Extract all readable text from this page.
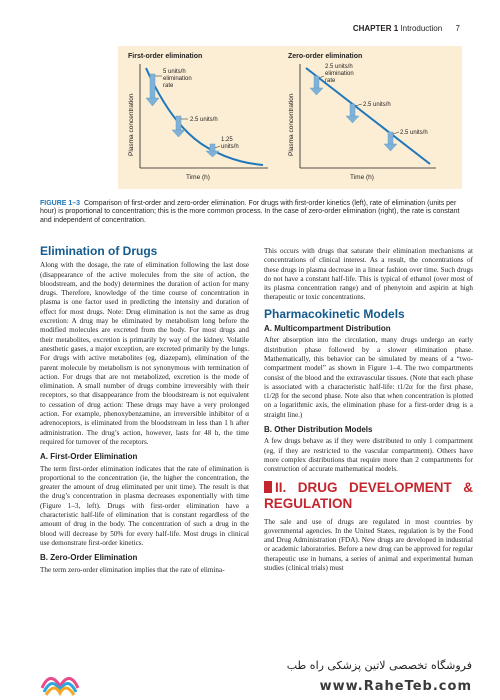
CHAPTER 1 Introduction 7
First-order elimination
Plasma concentration
Time (h)
5 units/h elimination rate
2.5 units/h
1.25 units/h
Zero-order elimination
Plasma concentration
Time (h)
2.5 units/h elimination rate
2.5 units/h
2.5 units/h
FIGURE 1–3 Comparison of first-order and zero-order elimination. For drugs with first-order kinetics (left), rate of elimination (units per hour) is proportional to concentration; this is the more common process. In the case of zero-order elimination (right), the rate is constant and independent of concentration.
Elimination of Drugs

Along with the dosage, the rate of elimination following the last dose (disappearance of the active molecules from the site of action, the bloodstream, and the body) determines the duration of action for many drugs. Therefore, knowledge of the time course of concentration in plasma is one factor used in predicting the intensity and duration of effect for most drugs. Note: Drug elimination is not the same as drug excretion: A drug may be eliminated by metabolism long before the modified molecules are excreted from the body. For most drugs and their metabolites, excretion is primarily by way of the kidney. Volatile anesthetic gases, a major exception, are excreted primarily by the lungs. For drugs with active metabolites (eg, diazepam), elimination of the parent molecule by metabolism is not synonymous with termination of action. For drugs that are not metabolized, excretion is the mode of elimination. A small number of drugs combine irreversibly with their receptors, so that disappearance from the bloodstream is not equivalent to cessation of drug action: These drugs may have a very prolonged action. For example, phenoxybenzamine, an irreversible inhibitor of α adrenoceptors, is eliminated from the bloodstream in less than 1 h after administration. The drug’s action, however, lasts for 48 h, the time required for turnover of the receptors.

A. First-Order Elimination

The term first-order elimination indicates that the rate of elimination is proportional to the concentration (ie, the higher the concentration, the greater the amount of drug eliminated per unit time). The result is that the drug’s concentration in plasma decreases exponentially with time (Figure 1–3, left). Drugs with first-order elimination have a characteristic half-life of elimination that is constant regardless of the amount of drug in the body. The concentration of such a drug in the blood will decrease by 50% for every half-life. Most drugs in clinical use demonstrate first-order kinetics.

B. Zero-Order Elimination

The term zero-order elimination implies that the rate of elimina-

This occurs with drugs that saturate their elimination mechanisms at concentrations of clinical interest. As a result, the concentrations of these drugs in plasma decrease in a linear fashion over time. Such drugs do not have a constant half-life. This is typical of ethanol (over most of its plasma concentration range) and of phenytoin and aspirin at high therapeutic or toxic concentrations.

Pharmacokinetic Models
A. Multicompartment Distribution

After absorption into the circulation, many drugs undergo an early distribution phase followed by a slower elimination phase. Mathematically, this behavior can be simulated by means of a “two-compartment model” as shown in Figure 1–4. The two compartments consist of the blood and the extravascular tissues. (Note that each phase is associated with a characteristic half-life: t1/2α for the first phase, t1/2β for the second phase. Note also that when concentration is plotted on a logarithmic axis, the elimination phase for a first-order drug is a straight line.)

B. Other Distribution Models

A few drugs behave as if they were distributed to only 1 compartment (eg, if they are restricted to the vascular compartment). Others have more complex distributions that require more than 2 compartments for construction of accurate mathematical models.

II. DRUG DEVELOPMENT & REGULATION

The sale and use of drugs are regulated in most countries by governmental agencies. In the United States, regulation is by the Food and Drug Administration (FDA). New drugs are developed in industrial or academic laboratories. Before a new drug can be approved for regular therapeutic use in humans, a series of animal and experimental human studies (clinical trials) must

فروشگاه تخصصی لاتین پزشکی راه طب
www.RaheTeb.com
